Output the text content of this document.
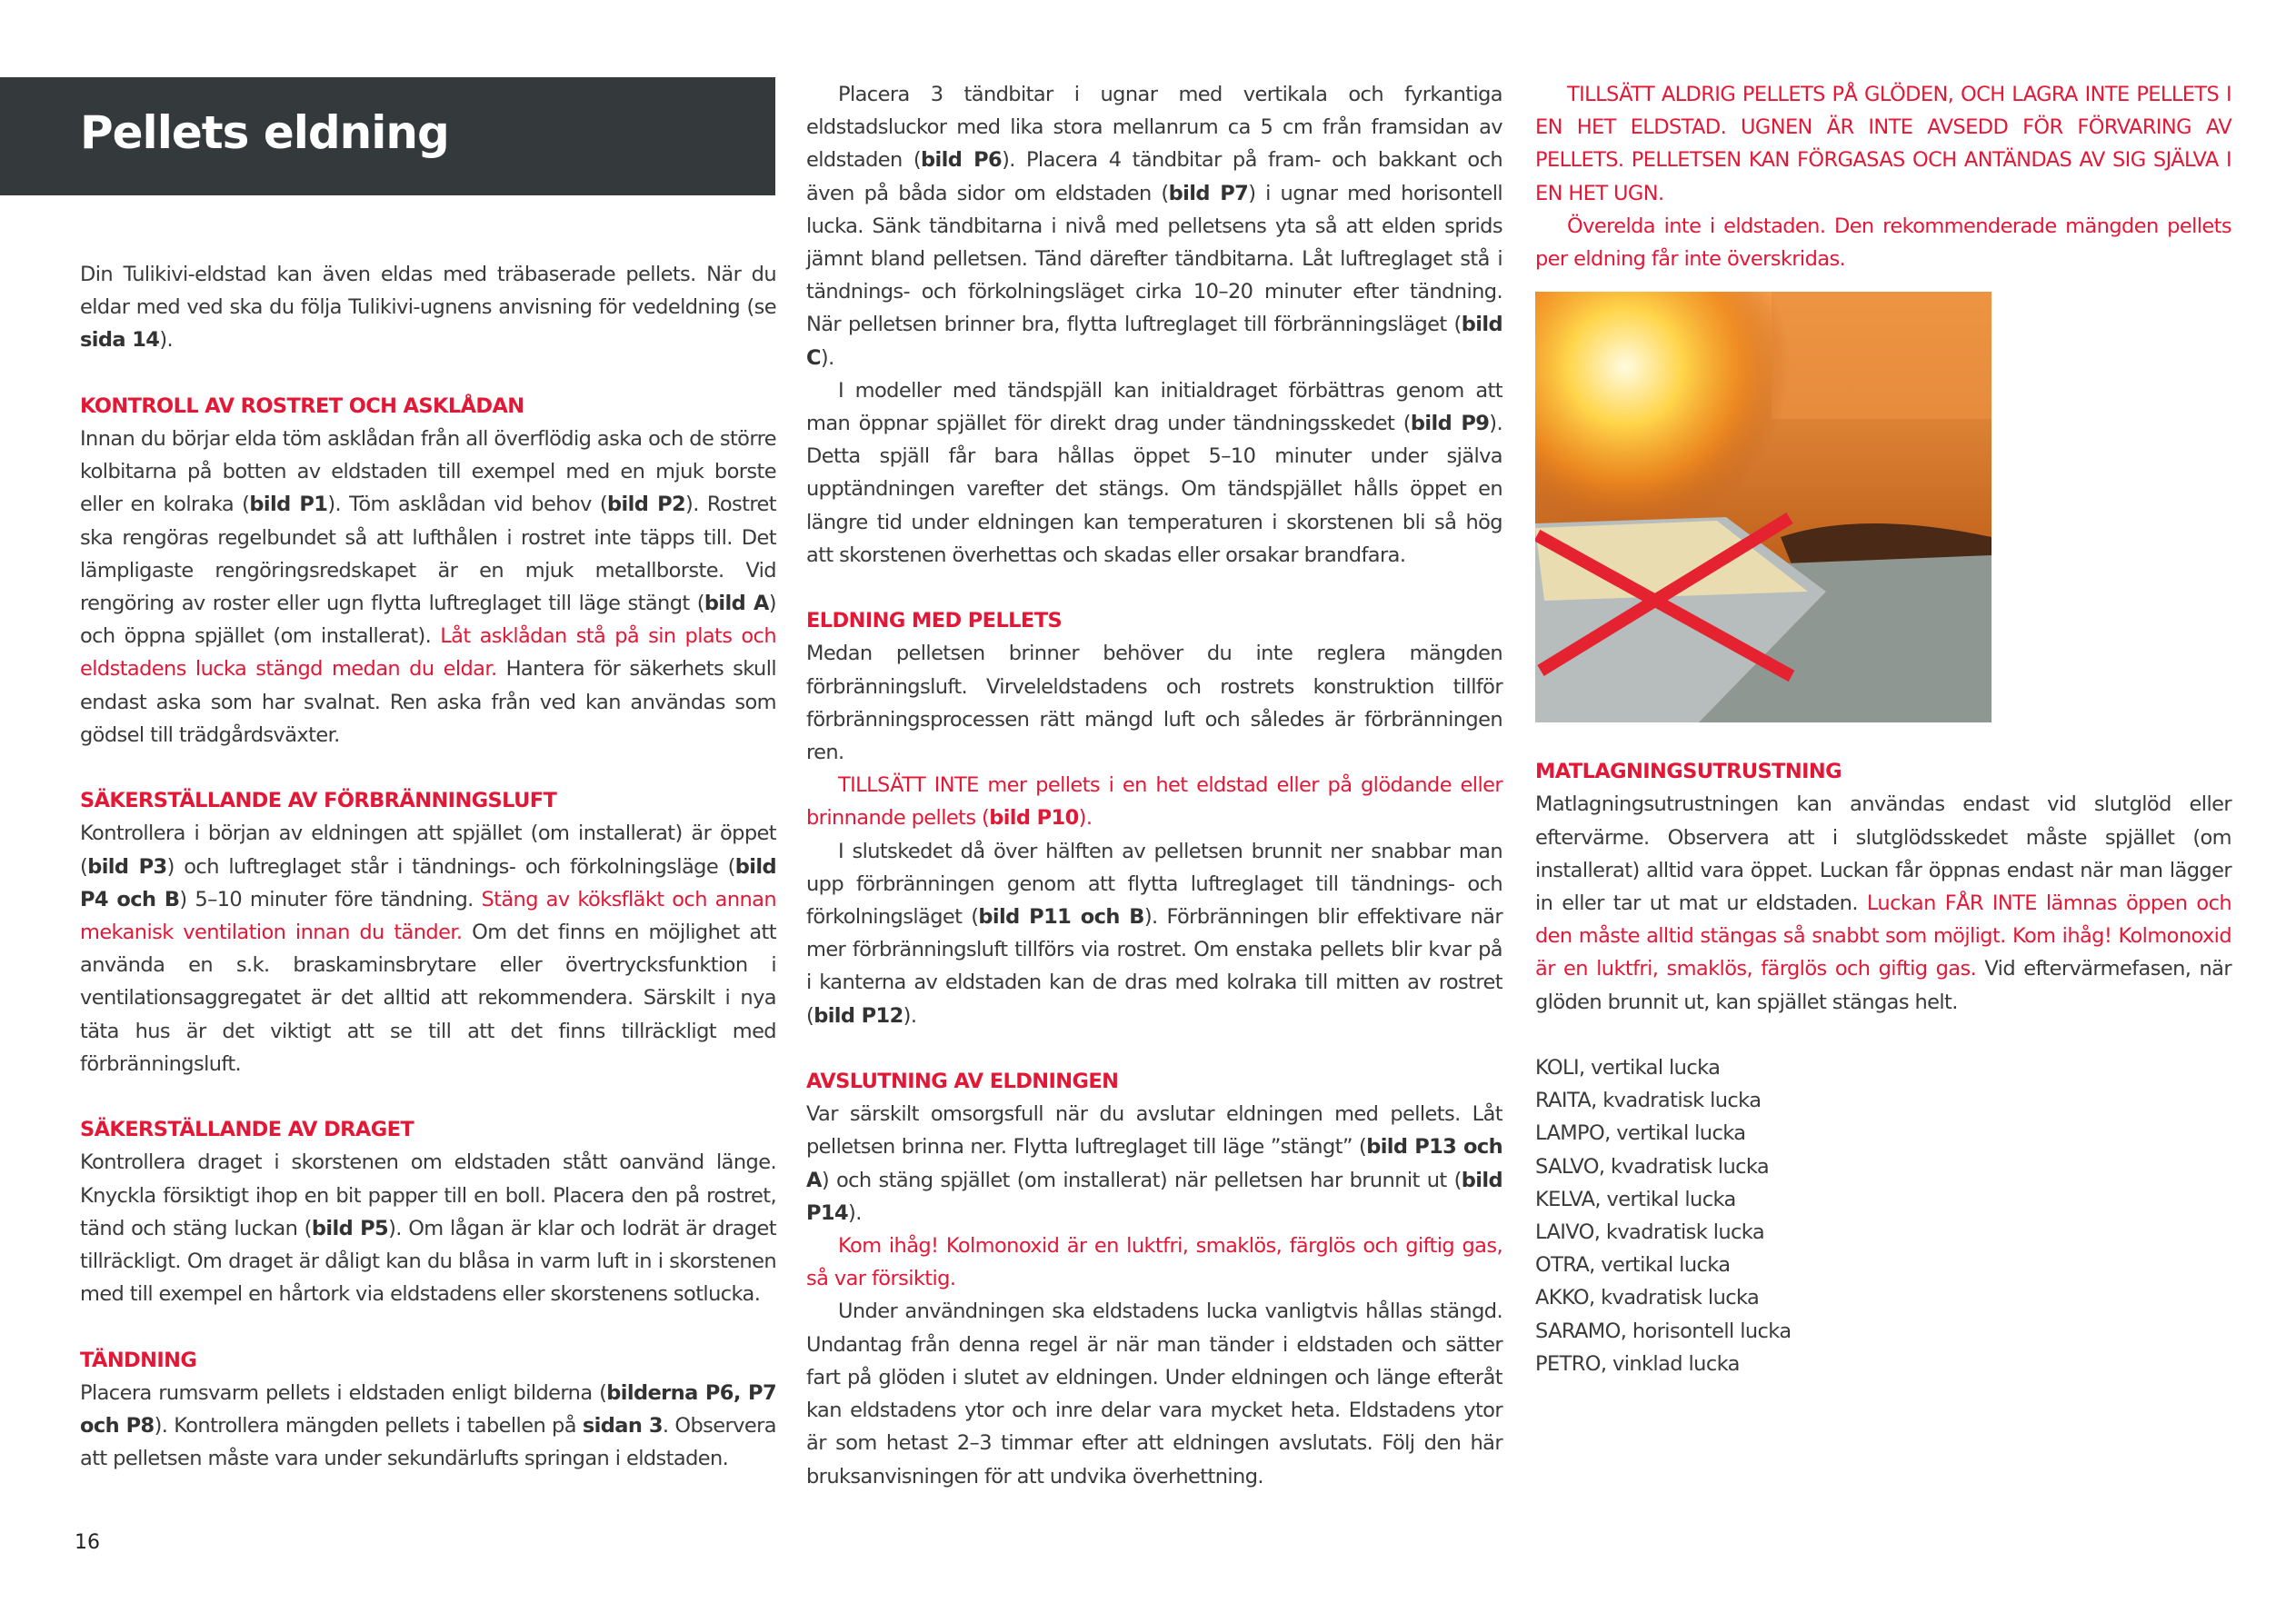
Pellets eldning

Din Tulikivi-eldstad kan även eldas med träbaserade pellets. När du eldar med ved ska du följa Tulikivi-ugnens anvisning för vedeldning (se sida 14).

KONTROLL AV ROSTRET OCH ASKLÅDAN

Innan du börjar elda töm asklådan från all överflödig aska och de större kolbitarna på botten av eldstaden till exempel med en mjuk borste eller en kolraka (bild P1). Töm asklådan vid behov (bild P2). Rostret ska rengöras regelbundet så att lufthålen i rostret inte täpps till. Det lämpligaste rengöringsredskapet är en mjuk metallborste. Vid rengöring av roster eller ugn flytta luftreglaget till läge stängt (bild A) och öppna spjället (om installerat). Låt asklådan stå på sin plats och eldstadens lucka stängd medan du eldar. Hantera för säkerhets skull endast aska som har svalnat. Ren aska från ved kan användas som gödsel till trädgårdsväxter.

SÄKERSTÄLLANDE AV FÖRBRÄNNINGSLUFT

Kontrollera i början av eldningen att spjället (om installerat) är öppet (bild P3) och luftreglaget står i tändnings- och förkolningsläge (bild P4 och B) 5–10 minuter före tändning. Stäng av köksfläkt och annan mekanisk ventilation innan du tänder. Om det finns en möjlighet att använda en s.k. braskaminsbrytare eller övertrycksfunktion i ventilationsaggregatet är det alltid att rekommendera. Särskilt i nya täta hus är det viktigt att se till att det finns tillräckligt med förbränningsluft.

SÄKERSTÄLLANDE AV DRAGET

Kontrollera draget i skorstenen om eldstaden stått oanvänd länge. Knyckla försiktigt ihop en bit papper till en boll. Placera den på rostret, tänd och stäng luckan (bild P5). Om lågan är klar och lodrät är draget tillräckligt. Om draget är dåligt kan du blåsa in varm luft in i skorstenen med till exempel en hårtork via eldstadens eller skorstenens sotlucka.

TÄNDNING

Placera rumsvarm pellets i eldstaden enligt bilderna (bilderna P6, P7 och P8). Kontrollera mängden pellets i tabellen på sidan 3. Observera att pelletsen måste vara under sekundärlufts springan i eldstaden.

Placera 3 tändbitar i ugnar med vertikala och fyrkantiga eldstadsluckor med lika stora mellanrum ca 5 cm från framsidan av eldstaden (bild P6). Placera 4 tändbitar på fram- och bakkant och även på båda sidor om eldstaden (bild P7) i ugnar med horisontell lucka. Sänk tändbitarna i nivå med pelletsens yta så att elden sprids jämnt bland pelletsen. Tänd därefter tändbitarna. Låt luftreglaget stå i tändnings- och förkolningsläget cirka 10–20 minuter efter tändning. När pelletsen brinner bra, flytta luftreglaget till förbränningsläget (bild C).

I modeller med tändspjäll kan initialdraget förbättras genom att man öppnar spjället för direkt drag under tändningsskedet (bild P9). Detta spjäll får bara hållas öppet 5–10 minuter under själva upptändningen varefter det stängs. Om tändspjället hålls öppet en längre tid under eldningen kan temperaturen i skorstenen bli så hög att skorstenen överhettas och skadas eller orsakar brandfara.

ELDNING MED PELLETS

Medan pelletsen brinner behöver du inte reglera mängden förbränningsluft. Virveleldstadens och rostrets konstruktion tillför förbränningsprocessen rätt mängd luft och således är förbränningen ren.

TILLSÄTT INTE mer pellets i en het eldstad eller på glödande eller brinnande pellets (bild P10).

I slutskedet då över hälften av pelletsen brunnit ner snabbar man upp förbränningen genom att flytta luftreglaget till tändnings- och förkolningsläget (bild P11 och B). Förbränningen blir effektivare när mer förbränningsluft tillförs via rostret. Om enstaka pellets blir kvar på i kanterna av eldstaden kan de dras med kolraka till mitten av rostret (bild P12).

AVSLUTNING AV ELDNINGEN

Var särskilt omsorgsfull när du avslutar eldningen med pellets. Låt pelletsen brinna ner. Flytta luftreglaget till läge ”stängt” (bild P13 och A) och stäng spjället (om installerat) när pelletsen har brunnit ut (bild P14).

Kom ihåg! Kolmonoxid är en luktfri, smaklös, färglös och giftig gas, så var försiktig.

Under användningen ska eldstadens lucka vanligtvis hållas stängd. Undantag från denna regel är när man tänder i eldstaden och sätter fart på glöden i slutet av eldningen. Under eldningen och länge efteråt kan eldstadens ytor och inre delar vara mycket heta. Eldstadens ytor är som hetast 2–3 timmar efter att eldningen avslutats. Följ den här bruksanvisningen för att undvika överhettning.

TILLSÄTT ALDRIG PELLETS PÅ GLÖDEN, OCH LAGRA INTE PELLETS I EN HET ELDSTAD. UGNEN ÄR INTE AVSEDD FÖR FÖRVARING AV PELLETS. PELLETSEN KAN FÖRGASAS OCH ANTÄNDAS AV SIG SJÄLVA I EN HET UGN.

Överelda inte i eldstaden. Den rekommenderade mängden pellets per eldning får inte överskridas.

MATLAGNINGSUTRUSTNING

Matlagningsutrustningen kan användas endast vid slutglöd eller eftervärme. Observera att i slutglödsskedet måste spjället (om installerat) alltid vara öppet. Luckan får öppnas endast när man lägger in eller tar ut mat ur eldstaden. Luckan FÅR INTE lämnas öppen och den måste alltid stängas så snabbt som möjligt. Kom ihåg! Kolmonoxid är en luktfri, smaklös, färglös och giftig gas. Vid eftervärmefasen, när glöden brunnit ut, kan spjället stängas helt.

KOLI, vertikal lucka
RAITA, kvadratisk lucka
LAMPO, vertikal lucka
SALVO, kvadratisk lucka
KELVA, vertikal lucka
LAIVO, kvadratisk lucka
OTRA, vertikal lucka
AKKO, kvadratisk lucka
SARAMO, horisontell lucka
PETRO, vinklad lucka
16
